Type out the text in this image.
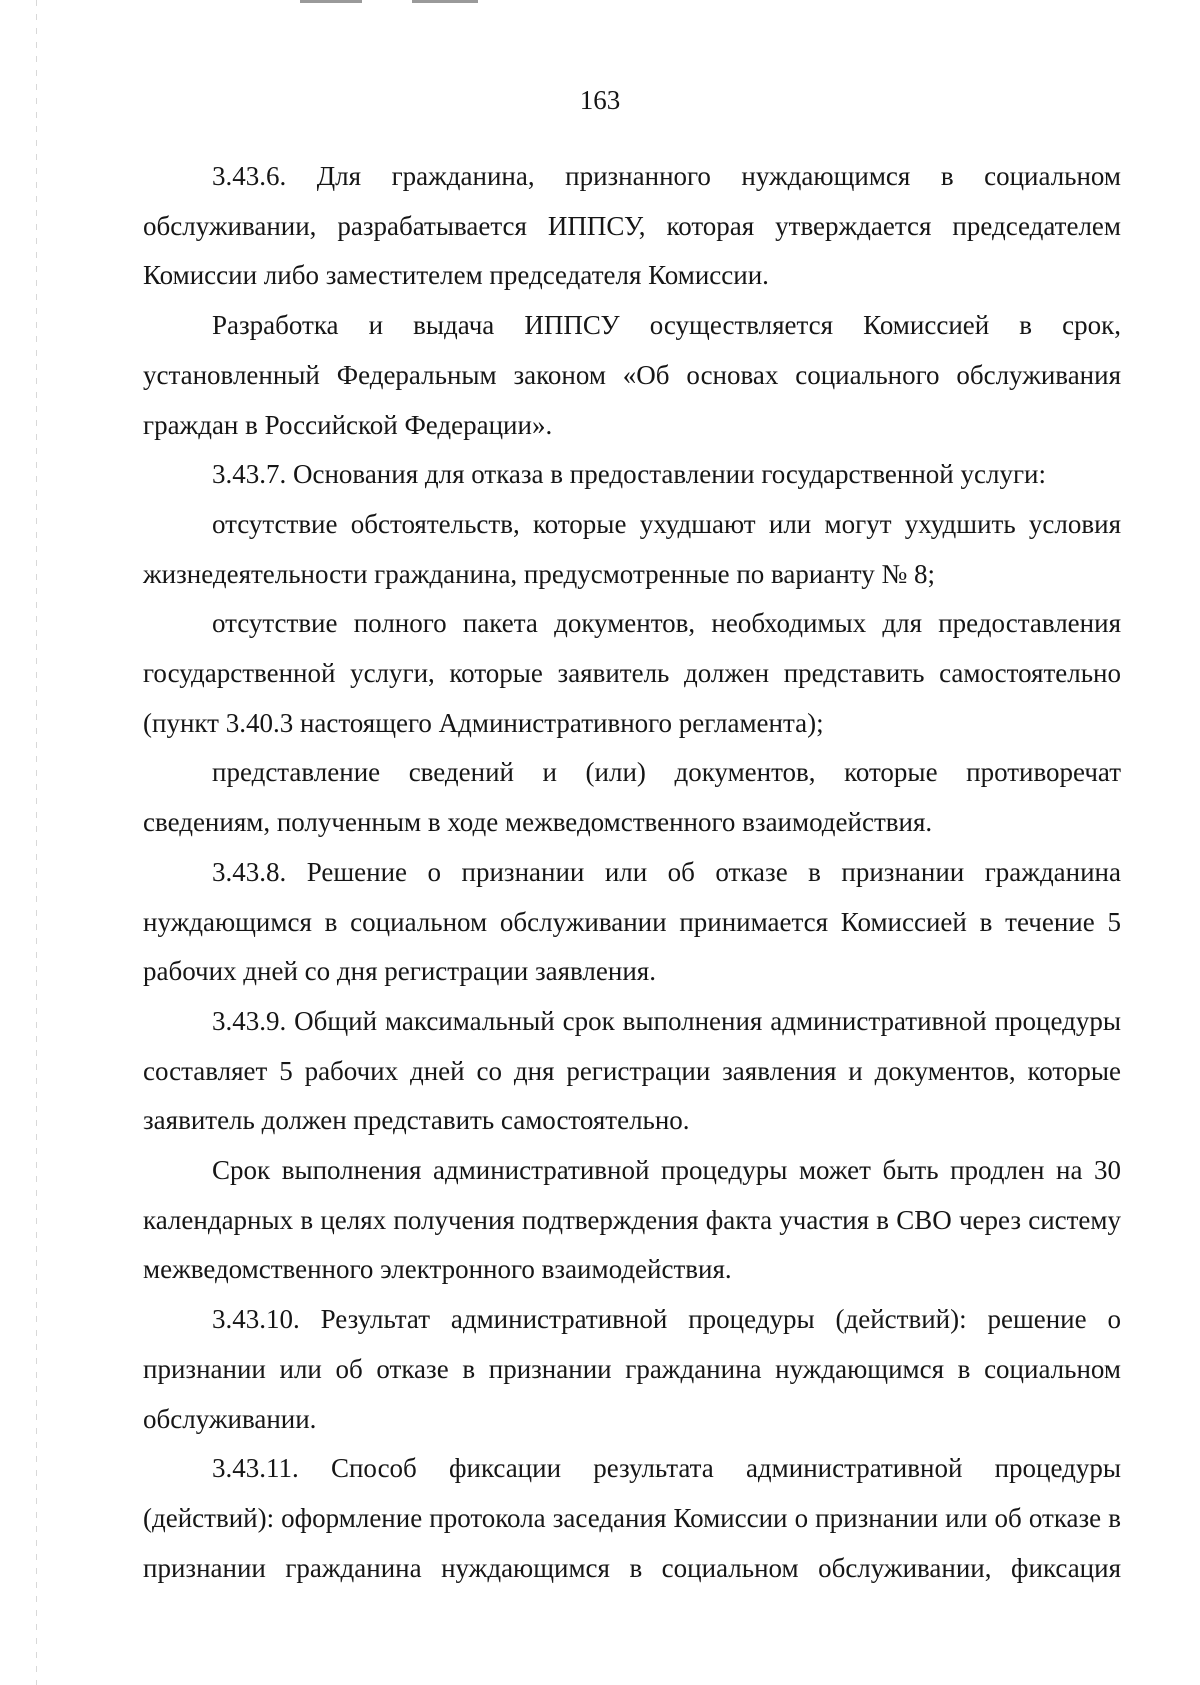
163

3.43.6. Для гражданина, признанного нуждающимся в социальном обслуживании, разрабатывается ИППСУ, которая утверждается председателем Комиссии либо заместителем председателя Комиссии.

Разработка и выдача ИППСУ осуществляется Комиссией в срок, установленный Федеральным законом «Об основах социального обслуживания граждан в Российской Федерации».

3.43.7. Основания для отказа в предоставлении государственной услуги:

отсутствие обстоятельств, которые ухудшают или могут ухудшить условия жизнедеятельности гражданина, предусмотренные по варианту № 8;

отсутствие полного пакета документов, необходимых для предоставления государственной услуги, которые заявитель должен представить самостоятельно (пункт 3.40.3 настоящего Административного регламента);

представление сведений и (или) документов, которые противоречат сведениям, полученным в ходе межведомственного взаимодействия.

3.43.8. Решение о признании или об отказе в признании гражданина нуждающимся в социальном обслуживании принимается Комиссией в течение 5 рабочих дней со дня регистрации заявления.

3.43.9. Общий максимальный срок выполнения административной процедуры составляет 5 рабочих дней со дня регистрации заявления и документов, которые заявитель должен представить самостоятельно.

Срок выполнения административной процедуры может быть продлен на 30 календарных в целях получения подтверждения факта участия в СВО через систему межведомственного электронного взаимодействия.

3.43.10. Результат административной процедуры (действий): решение о признании или об отказе в признании гражданина нуждающимся в социальном обслуживании.

3.43.11. Способ фиксации результата административной процедуры (действий): оформление протокола заседания Комиссии о признании или об отказе в признании гражданина нуждающимся в социальном обслуживании, фиксация
